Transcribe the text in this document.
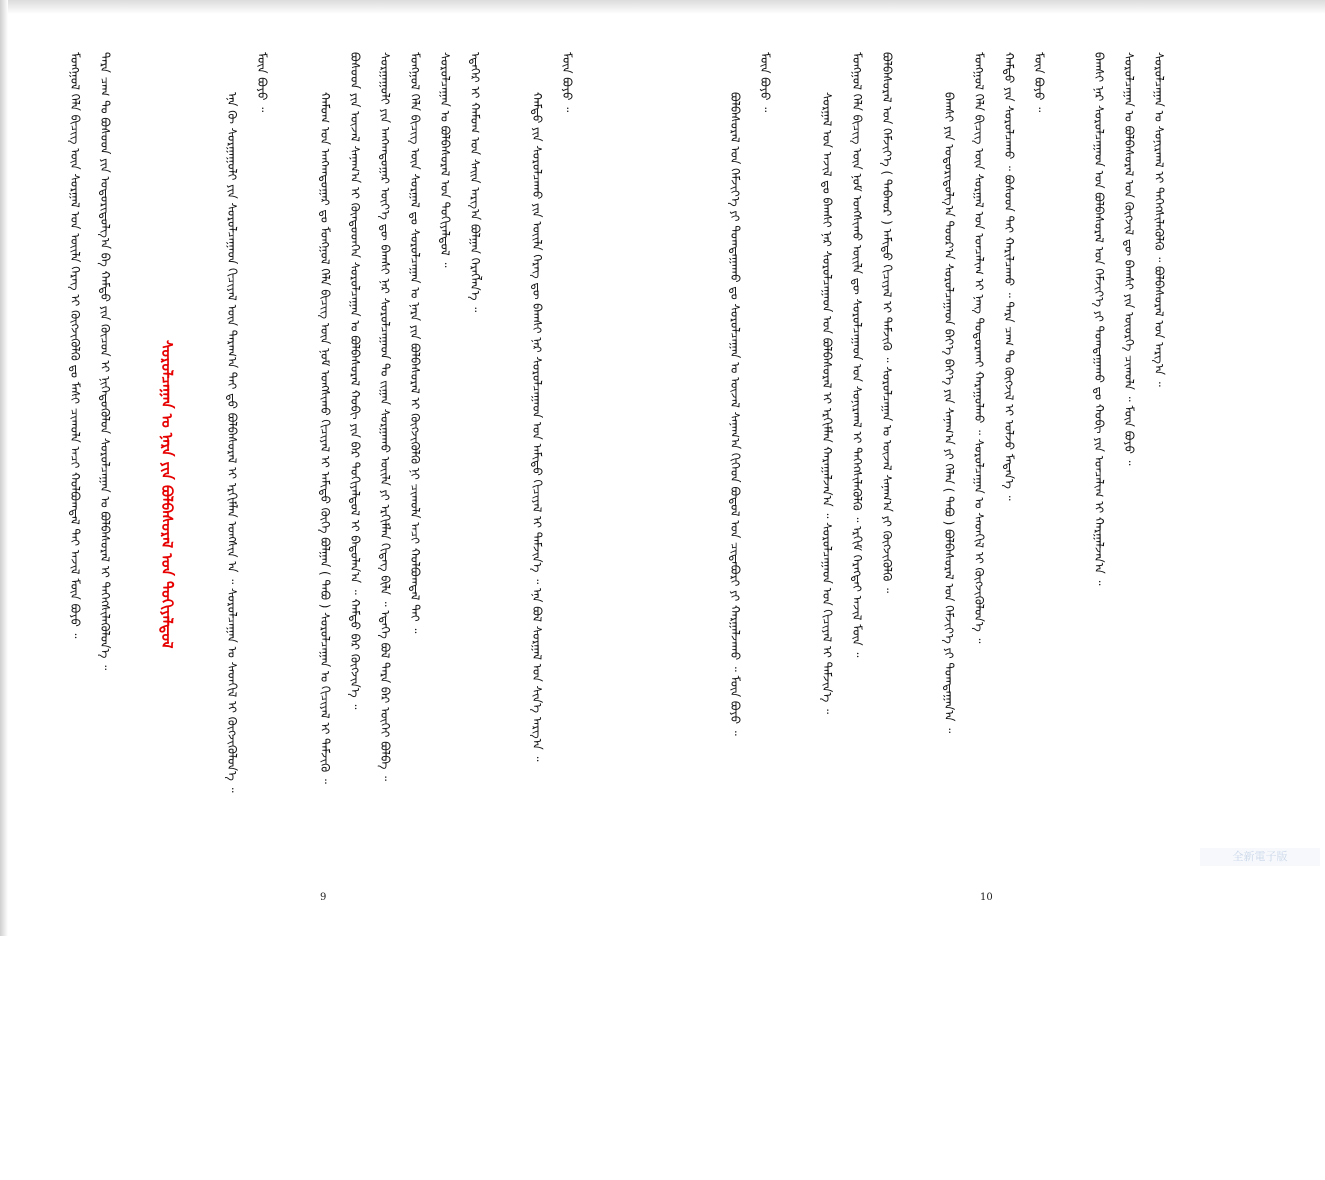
ᠮᠣᠩᠭᠣᠯ ᠬᠡᠯᠡ ᠪᠢᠴᠢᠭ ᠦᠨ ᠰᠤᠷᠭᠠᠯ ᠤᠨ ᠦᠢᠯᠡ ᠬᠡᠷᠡᠭ ᠢ ᠬᠥᠭᠵᠢᠭᠦᠯᠬᠦ ᠳᠤ ᠮᠠᠰᠢ ᠴᠢᠬᠤᠯᠠ ᠠᠴᠢ ᠬᠣᠯᠪᠣᠭᠳᠠᠯ ᠲᠠᠢ ᠠᠵᠢᠯ ᠮᠥᠨ ᠪᠤᠶᠤ ᠃ ᠲᠡᠷᠡ ᠴᠠᠭ ᠲᠤ ᠪᠤᠰᠤᠳ ᠶᠢᠨ ᠤᠳᠤᠷᠢᠳᠤᠯᠭ᠎ᠠ ᠪᠠ ᠬᠠᠮᠲᠤ ᠶᠢᠨ ᠬᠦᠴᠦᠨ ᠢ ᠨᠢᠭᠡᠳᠦᠭᠦᠯᠦᠨ ᠰᠤᠷᠤᠯᠴᠠᠭᠠᠨ ᠤ ᠪᠣᠯᠪᠠᠰᠤᠷᠠᠯ ᠢ ᠳᠡᠭᠡᠭᠰᠢᠯᠡᠭᠦᠯᠦᠨ᠎ᠡ ᠃	ᠰᠤᠷᠤᠯᠴᠠᠭᠠᠨ ᠤ ᠨᠡᠷᠡ ᠶᠢᠨ ᠪᠣᠯᠪᠠᠰᠤᠷᠠᠯ ᠤᠨ ᠲᠣᠬᠢᠶᠠᠯᠳᠤᠯ	ᠡᠨᠡ ᠬᠦ ᠰᠤᠷᠭᠠᠭᠤᠯᠢ ᠶᠢᠨ ᠰᠤᠷᠤᠯᠴᠠᠭᠠᠳ ᠬᠢᠴᠢᠶᠡᠯ ᠦᠨ ᠳᠠᠷᠠᠭ᠎ᠠ ᠲᠡᠢ ᠳ᠋ᠦ ᠪᠣᠯᠪᠠᠰᠤᠷᠠᠯ ᠢ ᠡᠷᠬᠢᠮᠯᠡᠨ ᠤᠩᠰᠢᠨ ᠠ ᠃ ᠰᠤᠷᠤᠯᠴᠠᠭᠠᠨ ᠤ ᠰᠡᠳᠬᠢᠯ ᠢ ᠬᠥᠭᠵᠢᠭᠦᠯᠦᠨ᠎ᠡ ᠃
ᠮᠥᠨ ᠪᠤᠶᠤ ᠃
ᠬᠠᠮᠤᠭ ᠤᠨ ᠠᠩᠬᠠᠳᠤᠭᠠᠷ ᠳᠤ ᠮᠣᠩᠭᠣᠯ ᠬᠡᠯᠡ ᠪᠢᠴᠢᠭ ᠦᠨ ᠨᠣᠮ ᠤᠩᠰᠢᠬᠤ ᠬᠢᠴᠢᠶᠡᠯ ᠢ ᠠᠮᠢᠳᠤ ᠬᠥᠬᠡ ᠪᠣᠯᠭᠠᠨ ( ᠲᠠᠪᠤ ) ᠰᠤᠷᠤᠯᠴᠠᠭᠠᠨ ᠤ ᠬᠢᠴᠢᠶᠡᠯ ᠢ ᠳᠡᠮᠵᠢᠬᠦ ᠃ ᠪᠤᠰᠤᠳ ᠶᠢᠨ ᠦᠵᠡᠯ ᠰᠠᠨᠠᠭ᠎ᠠ ᠢ ᠬᠦᠨᠳᠦᠳᠬᠡᠨ ᠰᠤᠷᠤᠯᠴᠠᠭᠠᠨ ᠤ ᠪᠣᠯᠪᠠᠰᠤᠷᠠᠯ ᠬᠤᠪᠢ ᠶᠢᠨ ᠪᠠᠷ ᠲᠣᠬᠢᠶᠠᠯᠳᠤᠯ ᠢ ᠪᠠᠲᠤᠯᠠᠨ᠎ᠠ ᠃ ᠬᠠᠮᠲᠤ ᠪᠠᠷ ᠬᠥᠭᠵᠢᠨ᠎ᠡ ᠃ ᠰᠤᠷᠭᠠᠭᠤᠯᠢ ᠶᠢᠨ ᠠᠩᠬᠠᠳᠤᠭᠠᠷ ᠦᠶ᠎ᠡ ᠳᠦ ᠪᠠᠭᠰᠢ ᠨᠠᠷ ᠰᠤᠷᠤᠯᠴᠠᠭᠠᠳ ᠲᠤ ᠵᠢᠭᠠᠨ ᠰᠤᠷᠭᠠᠬᠤ ᠦᠢᠯᠡ ᠶᠢ ᠡᠷᠬᠢᠮᠯᠡᠨ ᠬᠢᠳᠡᠭ ᠪᠢᠯᠡ ᠃ ᠡᠳᠡᠭᠡ ᠪᠣᠯ ᠲᠡᠷᠡ ᠪᠡᠷ ᠦᠭᠡᠢ ᠪᠣᠯᠪᠠ ᠃ ᠮᠣᠩᠭᠣᠯ ᠬᠡᠯᠡ ᠪᠢᠴᠢᠭ ᠦᠨ ᠰᠤᠷᠭᠠᠯ ᠳᠤ ᠰᠤᠷᠤᠯᠴᠠᠭᠠᠨ ᠤ ᠨᠡᠷᠡ ᠶᠢᠨ ᠪᠣᠯᠪᠠᠰᠤᠷᠠᠯ ᠢ ᠬᠥᠭᠵᠢᠭᠦᠯᠬᠦ ᠨᠢ ᠴᠢᠬᠤᠯᠠ ᠠᠴᠢ ᠬᠣᠯᠪᠣᠭᠳᠠᠯ ᠲᠠᠢ ᠃ ᠰᠤᠷᠤᠯᠴᠠᠭᠠᠨ ᠤ ᠪᠣᠯᠪᠠᠰᠤᠷᠠᠯ ᠤᠨ ᠲᠣᠬᠢᠶᠠᠯᠳᠤᠯ ᠃ ᠡᠳᠡᠭᠡᠷ ᠢ ᠬᠠᠮᠤᠭ ᠤᠨ ᠰᠠᠢᠨ ᠠᠷᠭ᠎ᠠ ᠪᠣᠯᠭᠠᠨ ᠬᠡᠷᠡᠭᠯᠡᠨ᠎ᠡ ᠃	ᠬᠠᠮᠲᠤ ᠶᠢᠨ ᠰᠤᠷᠤᠯᠴᠠᠬᠤ ᠶᠢᠨ ᠦᠢᠯᠡ ᠬᠡᠷᠡᠭ ᠳᠦ ᠪᠠᠭᠰᠢ ᠨᠠᠷ ᠰᠤᠷᠤᠯᠴᠠᠭᠠᠳ ᠤᠨ ᠠᠮᠢᠳᠤ ᠬᠢᠴᠢᠶᠡᠯ ᠢ ᠳᠡᠮᠵᠢᠨ᠎ᠡ ᠃ ᠡᠨᠡ ᠪᠣᠯ ᠰᠤᠷᠭᠠᠯ ᠤᠨ ᠰᠢᠨ᠎ᠡ ᠠᠷᠭ᠎ᠠ ᠃
ᠮᠥᠨ ᠪᠤᠶᠤ ᠃
9
ᠪᠣᠯᠪᠠᠰᠤᠷᠠᠯ ᠤᠨ ᠬᠡᠮᠵᠢᠶ᠎ᠡ ᠶᠢ ᠲᠣᠭᠲᠠᠭᠠᠬᠤ ᠳᠤ ᠰᠤᠷᠤᠯᠴᠠᠭᠠᠨ ᠤ ᠦᠵᠡᠯ ᠰᠠᠨᠠᠭ᠎ᠠ ᠬᠢᠭᠡᠳ ᠪᠣᠳᠤᠯ ᠤᠨ ᠴᠢᠳᠠᠪᠤᠷᠢ ᠶᠢ ᠬᠠᠷᠭᠠᠯᠵᠠᠬᠤ ᠃ ᠮᠥᠨ ᠪᠤᠶᠤ ᠃
ᠮᠥᠨ ᠪᠤᠶᠤ ᠃
ᠰᠤᠷᠭᠠᠯ ᠤᠨ ᠠᠵᠢᠯ ᠳᠤ ᠪᠠᠭᠰᠢ ᠨᠠᠷ ᠰᠤᠷᠤᠯᠴᠠᠭᠠᠳ ᠤᠨ ᠪᠣᠯᠪᠠᠰᠤᠷᠠᠯ ᠢ ᠡᠷᠬᠢᠮᠯᠡᠨ ᠬᠠᠷᠠᠭᠠᠯᠵᠠᠨ᠎ᠠ ᠃ ᠰᠤᠷᠤᠯᠴᠠᠭᠠᠳ ᠤᠨ ᠬᠢᠴᠢᠶᠡᠯ ᠢ ᠳᠡᠮᠵᠢᠨ᠎ᠡ ᠃ ᠮᠣᠩᠭᠣᠯ ᠬᠡᠯᠡ ᠪᠢᠴᠢᠭ ᠦᠨ ᠨᠣᠮ ᠤᠩᠰᠢᠬᠤ ᠦᠢᠯᠡ ᠳᠦ ᠰᠤᠷᠤᠯᠴᠠᠭᠠᠳ ᠤᠨ ᠰᠤᠨᠢᠷᠬᠠᠯ ᠢ ᠳᠡᠭᠡᠭᠰᠢᠯᠡᠭᠦᠯᠬᠦ ᠃ ᠡᠷᠬᠢᠮ ᠬᠡᠷᠡᠭᠲᠡᠢ ᠠᠵᠢᠯ ᠮᠥᠨ ᠃ ᠪᠣᠯᠪᠠᠰᠤᠷᠠᠯ ᠤᠨ ᠬᠡᠮᠵᠢᠶ᠎ᠡ ( ᠳᠠᠪᠬᠤᠷ ) ᠠᠮᠢᠳᠤ ᠬᠢᠴᠢᠶᠡᠯ ᠢ ᠳᠡᠮᠵᠢᠬᠦ ᠃ ᠰᠤᠷᠤᠯᠴᠠᠭᠠᠨ ᠤ ᠦᠵᠡᠯ ᠰᠠᠨᠠᠭ᠎ᠠ ᠶᠢ ᠬᠥᠭᠵᠢᠭᠦᠯᠬᠦ ᠃	ᠪᠠᠭᠰᠢ ᠶᠢᠨ ᠤᠳᠤᠷᠢᠳᠤᠯᠭ᠎ᠠ ᠳᠣᠣᠷ᠎ᠠ ᠰᠤᠷᠤᠯᠴᠠᠭᠠᠳ ᠪᠡᠶ᠎ᠡ ᠪᠡᠶ᠎ᠡ ᠶᠢᠨ ᠰᠠᠨᠠᠭ᠎ᠠ ᠶᠢ ᠬᠡᠯᠡᠨ ( ᠲᠠᠪᠤ ) ᠪᠣᠯᠪᠠᠰᠤᠷᠠᠯ ᠤᠨ ᠬᠡᠮᠵᠢᠶ᠎ᠡ ᠶᠢ ᠲᠣᠭᠲᠠᠭᠠᠨ᠎ᠠ ᠃ ᠮᠣᠩᠭᠣᠯ ᠬᠡᠯᠡ ᠪᠢᠴᠢᠭ ᠦᠨ ᠰᠤᠷᠭᠠᠯ ᠤᠨ ᠣᠨᠴᠠᠯᠢᠭ ᠢ ᠨᠡᠩ ᠲᠣᠳᠣᠷᠬᠠᠢ ᠬᠠᠷᠠᠭᠤᠯᠬᠤ ᠃ ᠰᠤᠷᠤᠯᠴᠠᠭᠠᠨ ᠤ ᠰᠡᠳᠬᠢᠯ ᠢ ᠬᠥᠭᠵᠢᠭᠦᠯᠦᠨ᠎ᠡ ᠃ ᠬᠠᠮᠲᠤ ᠶᠢᠨ ᠰᠤᠷᠤᠯᠴᠠᠬᠤ ᠃ ᠪᠤᠰᠤᠳ ᠲᠠᠢ ᠬᠠᠷᠢᠯᠴᠠᠬᠤ ᠃ ᠲᠡᠷᠡ ᠴᠠᠭ ᠲᠤ ᠬᠥᠭᠵᠢᠯ ᠢ ᠣᠯᠵᠤ ᠮᠡᠳᠡᠨ᠎ᠡ ᠃ ᠮᠥᠨ ᠪᠤᠶᠤ ᠃	ᠪᠠᠭᠰᠢ ᠨᠠᠷ ᠰᠤᠷᠤᠯᠴᠠᠭᠠᠳ ᠤᠨ ᠪᠣᠯᠪᠠᠰᠤᠷᠠᠯ ᠤᠨ ᠬᠡᠮᠵᠢᠶ᠎ᠡ ᠶᠢ ᠲᠣᠭᠲᠠᠭᠠᠬᠤ ᠳᠤ ᠬᠤᠪᠢ ᠶᠢᠨ ᠣᠨᠴᠠᠯᠢᠭ ᠢ ᠬᠠᠷᠭᠠᠯᠵᠠᠨ᠎ᠠ ᠃ ᠰᠤᠷᠤᠯᠴᠠᠭᠠᠨ ᠤ ᠪᠣᠯᠪᠠᠰᠤᠷᠠᠯ ᠤᠨ ᠬᠥᠭᠵᠢᠯ ᠳᠦ ᠪᠠᠭᠰᠢ ᠶᠢᠨ ᠦᠦᠷᠭᠡ ᠴᠢᠬᠤᠯᠠ ᠃ ᠮᠥᠨ ᠪᠤᠶᠤ ᠃ ᠰᠤᠷᠤᠯᠴᠠᠭᠠᠨ ᠤ ᠰᠤᠨᠢᠷᠬᠠᠯ ᠢ ᠳᠡᠭᠡᠭᠰᠢᠯᠡᠭᠦᠯᠬᠦ ᠃ ᠪᠣᠯᠪᠠᠰᠤᠷᠠᠯ ᠤᠨ ᠠᠷᠭ᠎ᠠ ᠃
10
全新電子版
